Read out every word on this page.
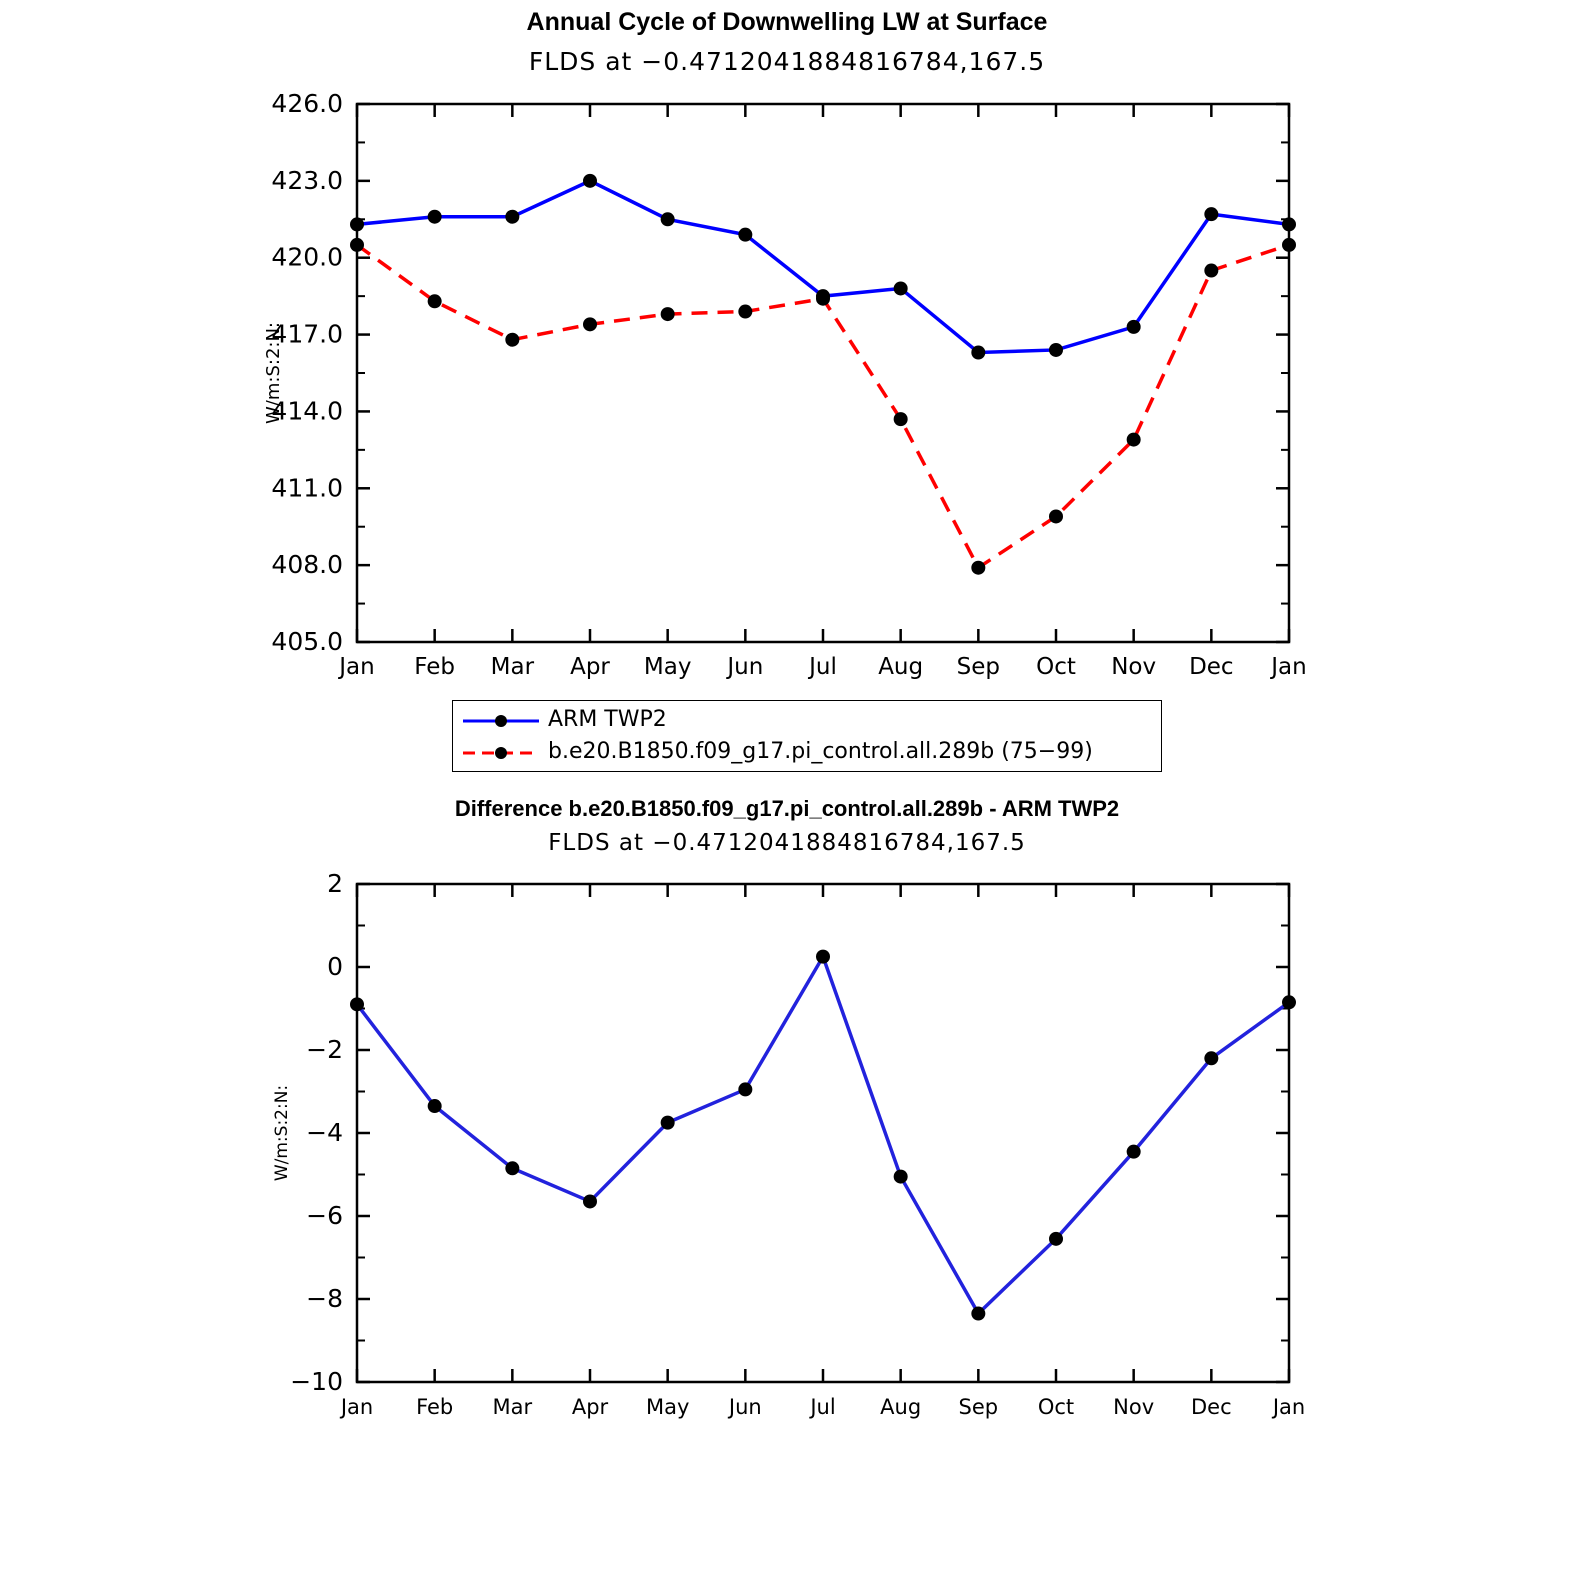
Annual Cycle of Downwelling LW at Surface
FLDS at −0.4712041884816784,167.5
405.0
408.0
411.0
414.0
417.0
420.0
423.0
426.0
Jan Feb Mar Apr May Jun Jul Aug Sep Oct Nov Dec Jan
W/m:S:2:N:
ARM TWP2
b.e20.B1850.f09_g17.pi_control.all.289b (75−99)
Difference b.e20.B1850.f09_g17.pi_control.all.289b - ARM TWP2
FLDS at −0.4712041884816784,167.5
−10
−8
−6
−4
−2
0
2
Jan Feb Mar Apr May Jun Jul Aug Sep Oct Nov Dec Jan
W/m:S:2:N:
